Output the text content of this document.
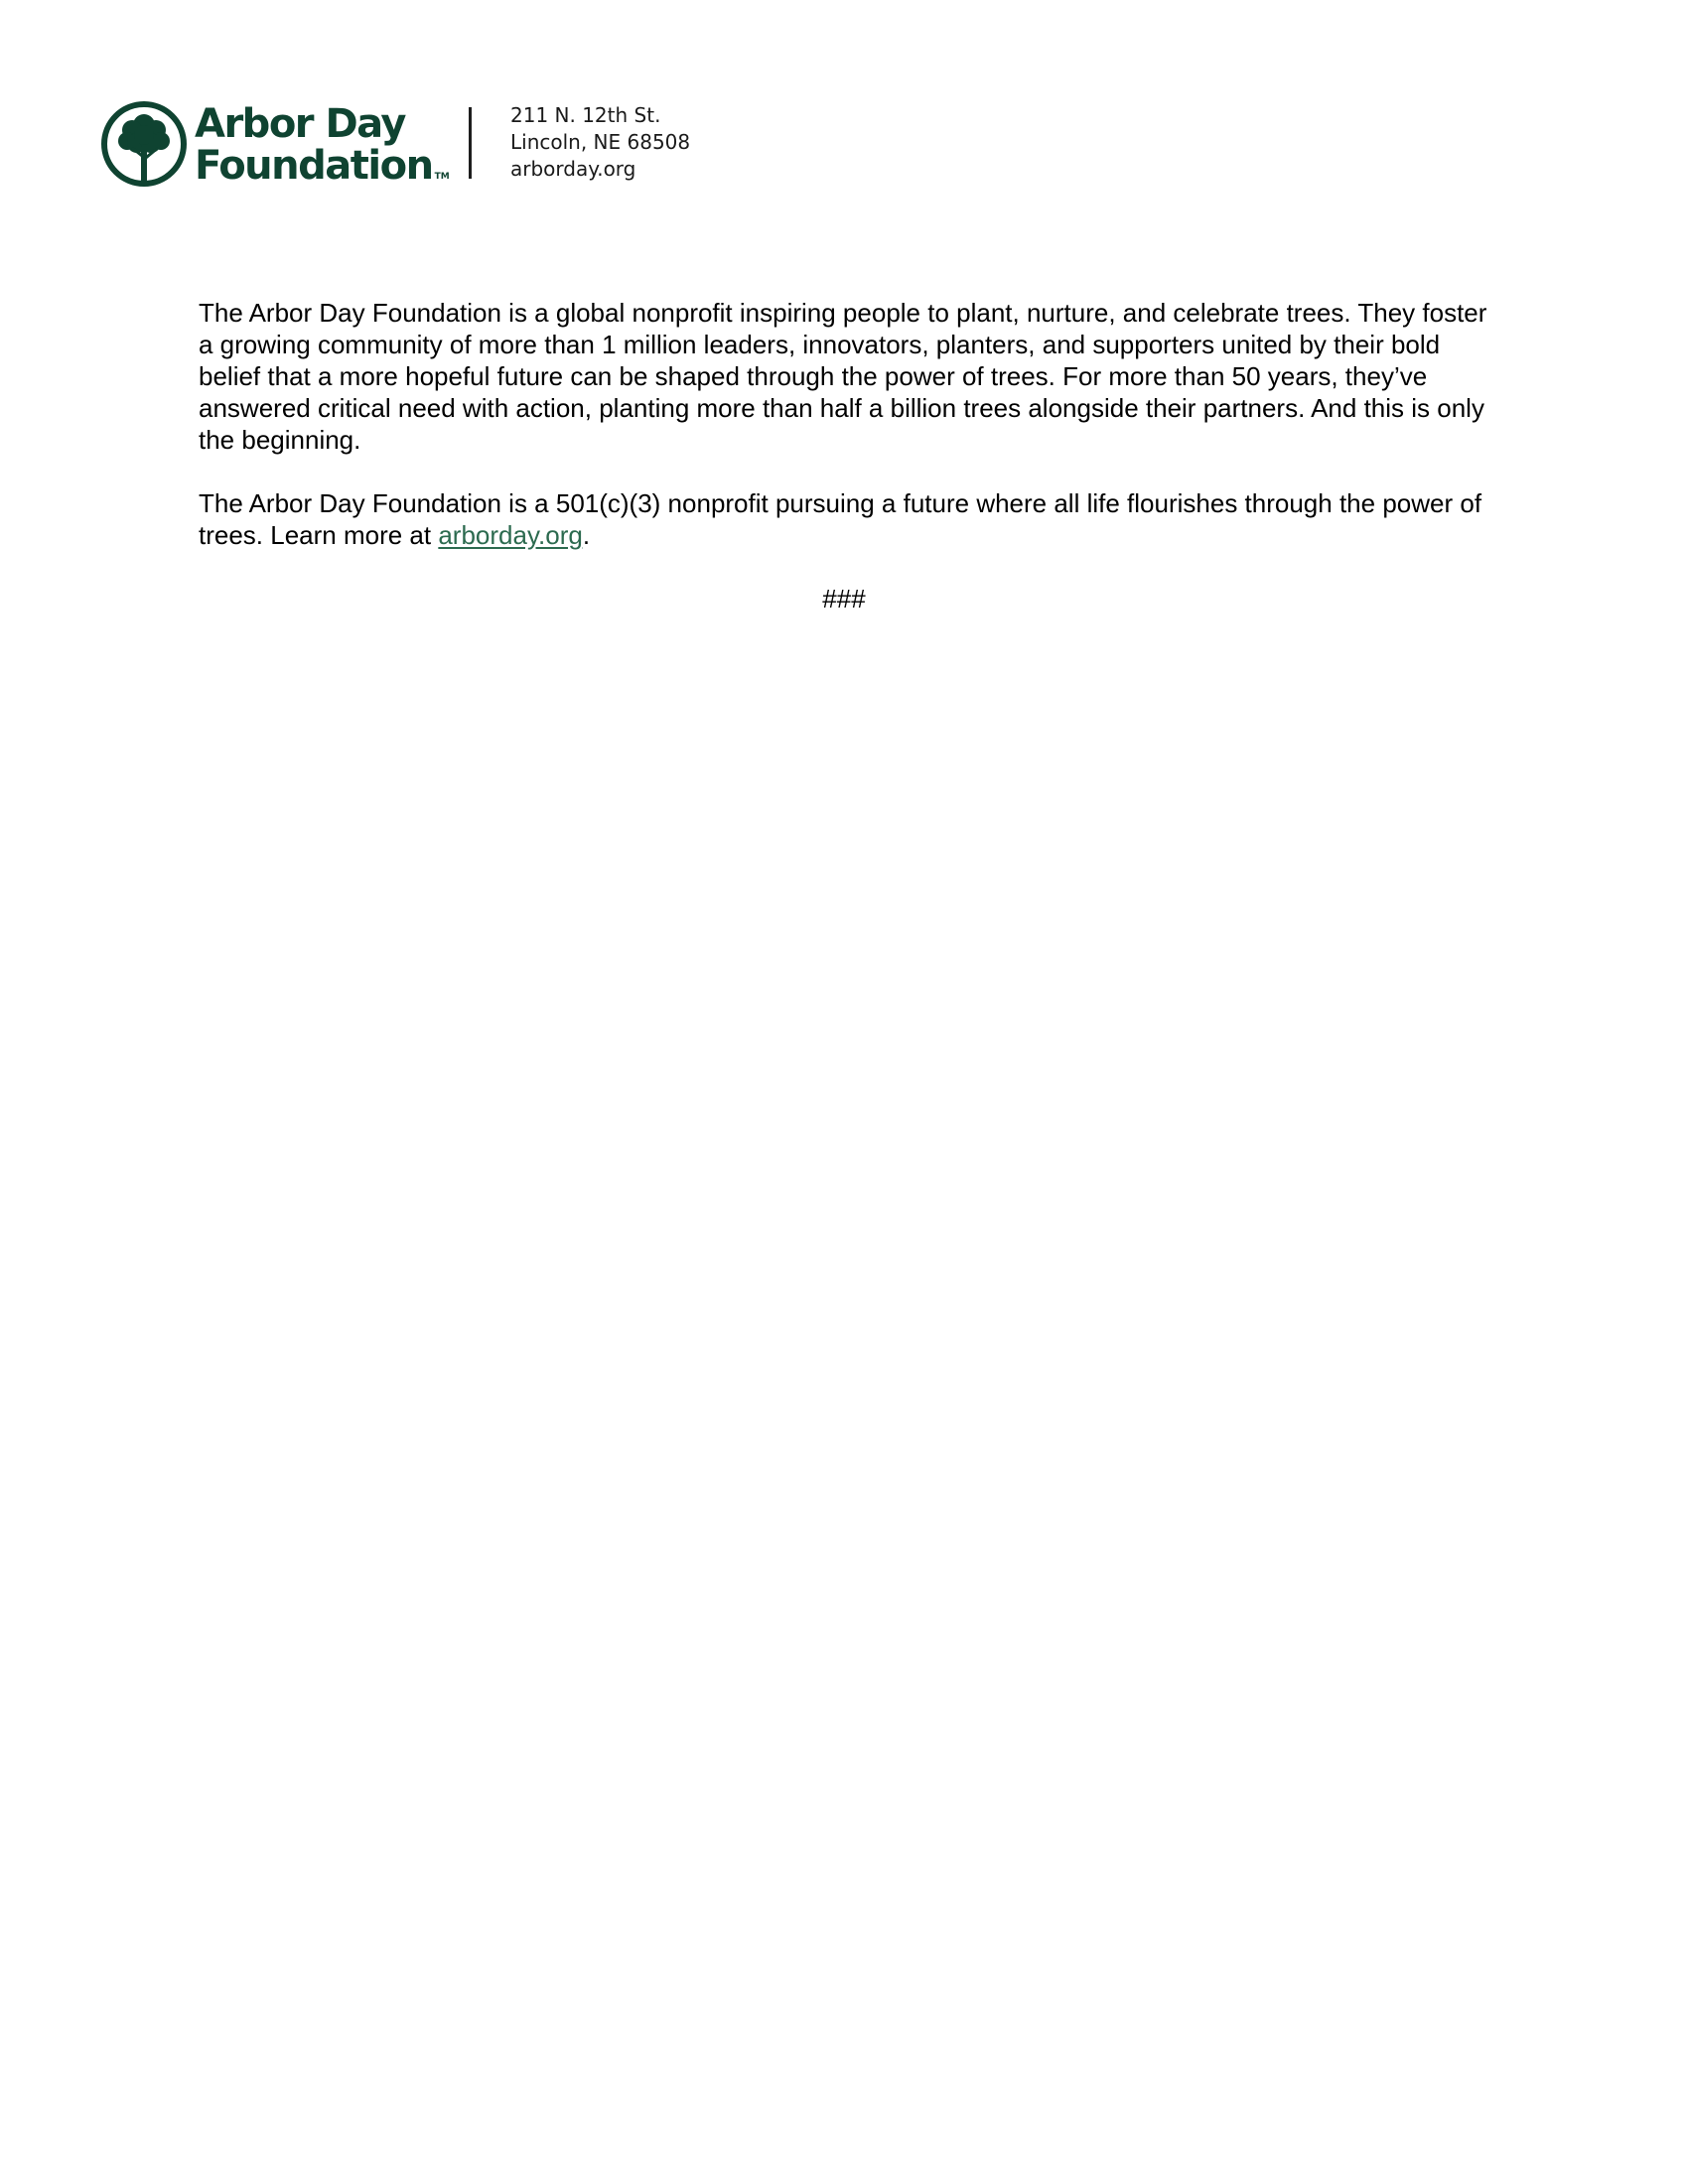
Arbor Day
Foundation TM
211 N. 12th St.
Lincoln, NE 68508
arborday.org

The Arbor Day Foundation is a global nonprofit inspiring people to plant, nurture, and celebrate trees. They foster a growing community of more than 1 million leaders, innovators, planters, and supporters united by their bold belief that a more hopeful future can be shaped through the power of trees. For more than 50 years, they’ve answered critical need with action, planting more than half a billion trees alongside their partners. And this is only the beginning.

The Arbor Day Foundation is a 501(c)(3) nonprofit pursuing a future where all life flourishes through the power of trees. Learn more at arborday.org.

###
